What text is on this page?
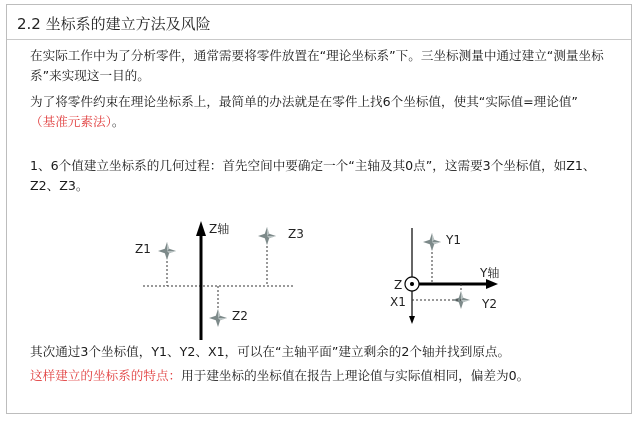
2.2 坐标系的建立方法及风险
在实际工作中为了分析零件，通常需要将零件放置在“理论坐标系”下。三坐标测量中通过建立“测量坐标系”来实现这一目的。
为了将零件约束在理论坐标系上，最简单的办法就是在零件上找6个坐标值，使其“实际值=理论值”
（基准元素法）。
1、6个值建立坐标系的几何过程：首先空间中要确定一个“主轴及其0点”，这需要3个坐标值，如Z1、Z2、Z3。
Z轴
Z1
Z3
Z2
Y轴
Z
Y1
Y2
X1
其次通过3个坐标值，Y1、Y2、X1，可以在“主轴平面”建立剩余的2个轴并找到原点。
这样建立的坐标系的特点：用于建坐标的坐标值在报告上理论值与实际值相同，偏差为0。
